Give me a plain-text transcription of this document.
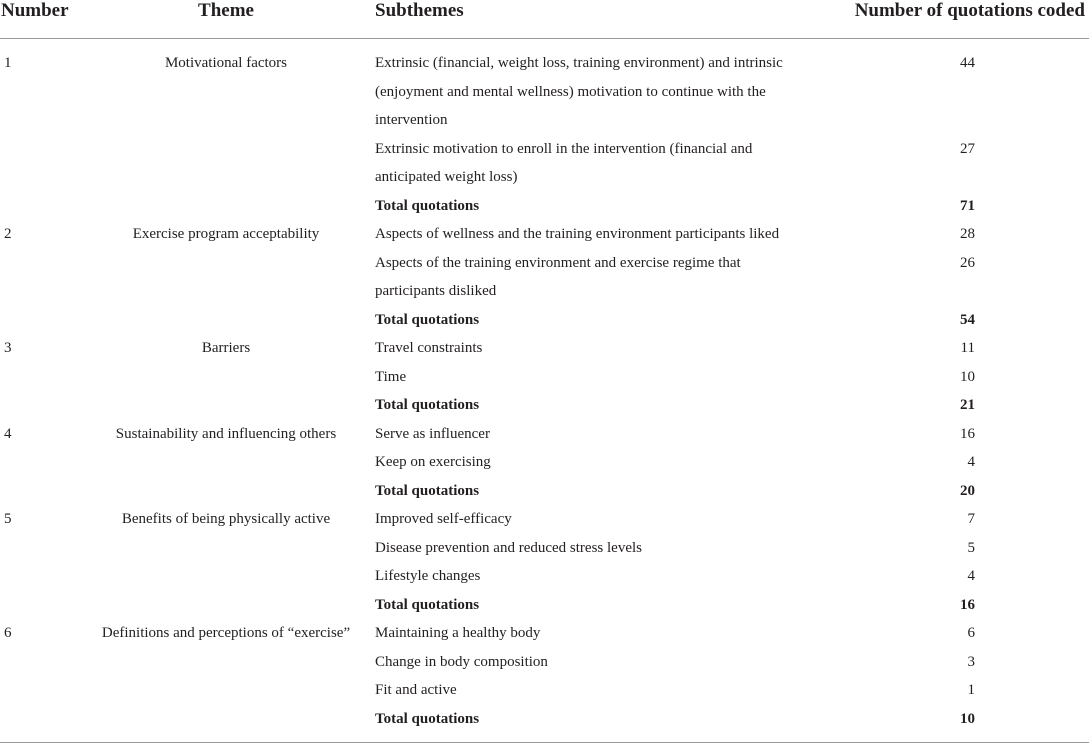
Number	Theme	Subthemes	Number of quotations coded
1	Motivational factors	Extrinsic (financial, weight loss, training environment) and intrinsic (enjoyment and mental wellness) motivation to continue with the intervention	44
		Extrinsic motivation to enroll in the intervention (financial and anticipated weight loss)	27
		Total quotations	71
2	Exercise program acceptability	Aspects of wellness and the training environment participants liked	28
		Aspects of the training environment and exercise regime that participants disliked	26
		Total quotations	54
3	Barriers	Travel constraints	11
		Time	10
		Total quotations	21
4	Sustainability and influencing others	Serve as influencer	16
		Keep on exercising	4
		Total quotations	20
5	Benefits of being physically active	Improved self-efficacy	7
		Disease prevention and reduced stress levels	5
		Lifestyle changes	4
		Total quotations	16
6	Definitions and perceptions of “exercise”	Maintaining a healthy body	6
		Change in body composition	3
		Fit and active	1
		Total quotations	10
